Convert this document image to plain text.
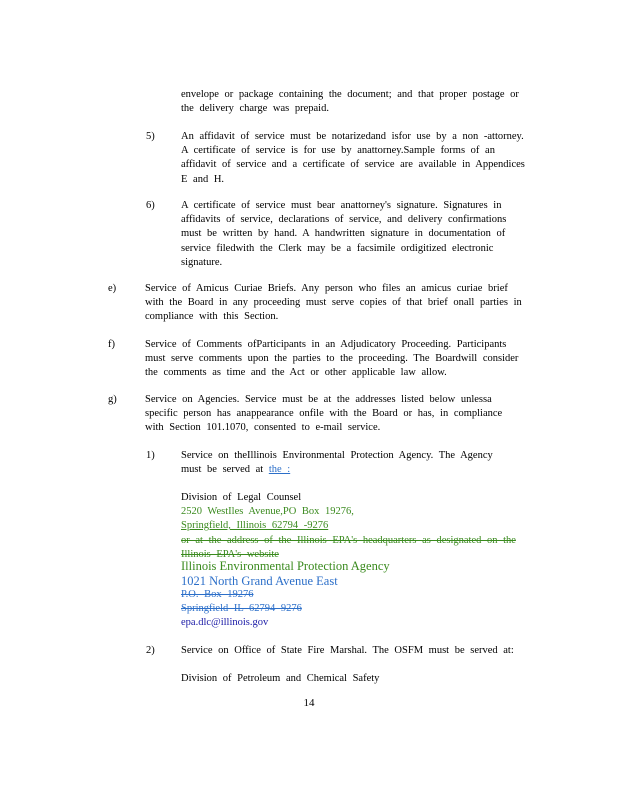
envelope or package containing the document; and that proper postage or
the delivery charge was prepaid.
5)	An affidavit of service must be notarizedand isfor use by a non -attorney.
A certificate of service is for use by anattorney.Sample forms of an
affidavit of service and a certificate of service are available in Appendices
E and H.
6)	A certificate of service must bear anattorney's signature. Signatures in
affidavits of service, declarations of service, and delivery confirmations
must be written by hand. A handwritten signature in documentation of
service filedwith the Clerk may be a facsimile ordigitized electronic
signature.
e)	Service of Amicus Curiae Briefs. Any person who files an amicus curiae brief
with the Board in any proceeding must serve copies of that brief onall parties in
compliance with this Section.
f)	Service of Comments ofParticipants in an Adjudicatory Proceeding. Participants
must serve comments upon the parties to the proceeding. The Boardwill consider
the comments as time and the Act or other applicable law allow.
g)	Service on Agencies. Service must be at the addresses listed below unlessa
specific person has anappearance onfile with the Board or has, in compliance
with Section 101.1070, consented to e-mail service.
1)	Service on theIllinois Environmental Protection Agency. The Agency
must be served at the :
Division of Legal Counsel
2520 WestIles Avenue,PO Box 19276,
Springfield, Illinois 62794 -9276
or at the address of the Illinois EPA's headquarters as designated on the
Illinois EPA's website
Illinois Environmental Protection Agency
1021 North Grand Avenue East
P.O. Box 19276
Springfield IL 62794 9276
epa.dlc@illinois.gov
2)	Service on Office of State Fire Marshal. The OSFM must be served at:
Division of Petroleum and Chemical Safety
14
